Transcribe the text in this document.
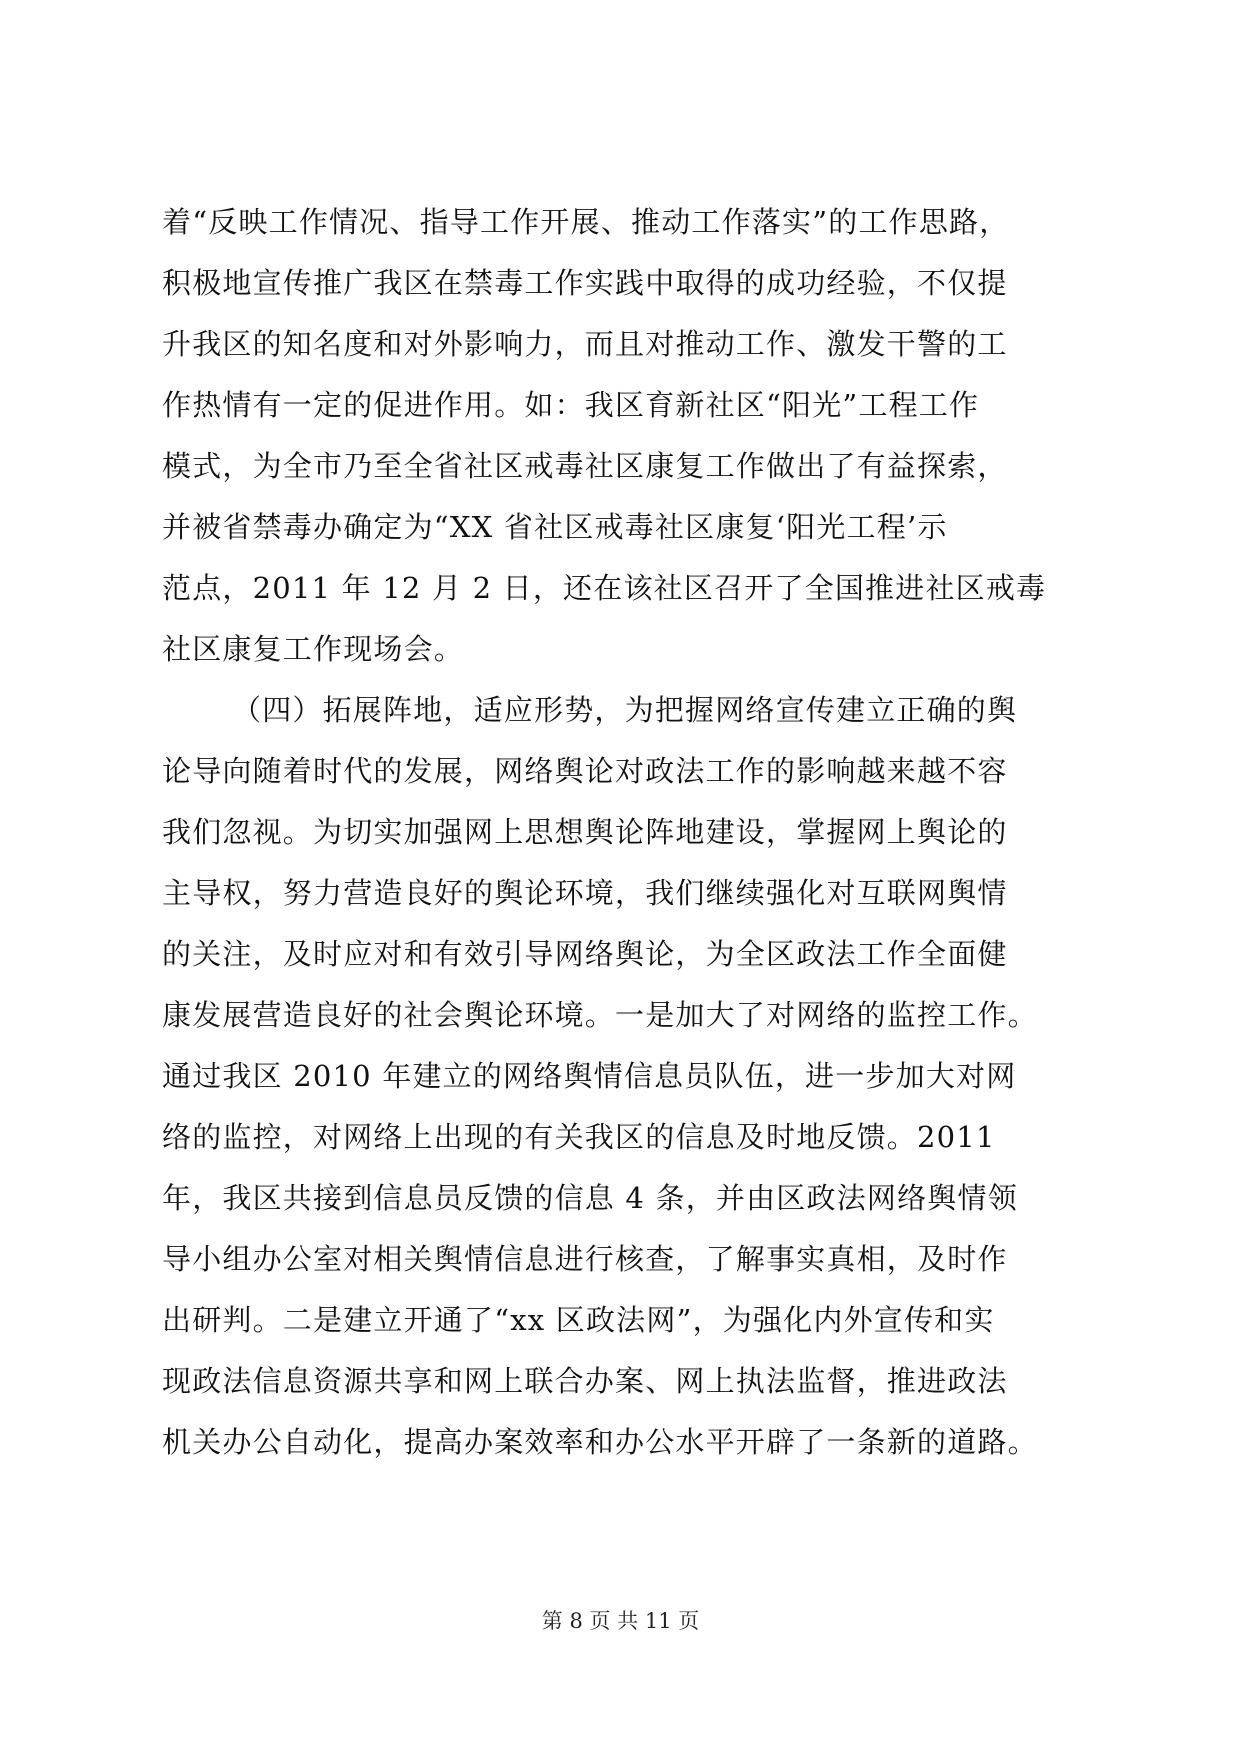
着“反映工作情况、指导工作开展、推动工作落实”的工作思路，
积极地宣传推广我区在禁毒工作实践中取得的成功经验，不仅提
升我区的知名度和对外影响力，而且对推动工作、激发干警的工
作热情有一定的促进作用。如：我区育新社区“阳光”工程工作
模式，为全市乃至全省社区戒毒社区康复工作做出了有益探索，
并被省禁毒办确定为“XX 省社区戒毒社区康复‘阳光工程’示
范点，2011 年 12 月 2 日，还在该社区召开了全国推进社区戒毒
社区康复工作现场会。
（四）拓展阵地，适应形势，为把握网络宣传建立正确的舆
论导向随着时代的发展，网络舆论对政法工作的影响越来越不容
我们忽视。为切实加强网上思想舆论阵地建设，掌握网上舆论的
主导权，努力营造良好的舆论环境，我们继续强化对互联网舆情
的关注，及时应对和有效引导网络舆论，为全区政法工作全面健
康发展营造良好的社会舆论环境。一是加大了对网络的监控工作。
通过我区 2010 年建立的网络舆情信息员队伍，进一步加大对网
络的监控，对网络上出现的有关我区的信息及时地反馈。2011
年，我区共接到信息员反馈的信息 4 条，并由区政法网络舆情领
导小组办公室对相关舆情信息进行核查，了解事实真相，及时作
出研判。二是建立开通了“xx 区政法网”，为强化内外宣传和实
现政法信息资源共享和网上联合办案、网上执法监督，推进政法
机关办公自动化，提高办案效率和办公水平开辟了一条新的道路。
第 8 页 共 11 页
